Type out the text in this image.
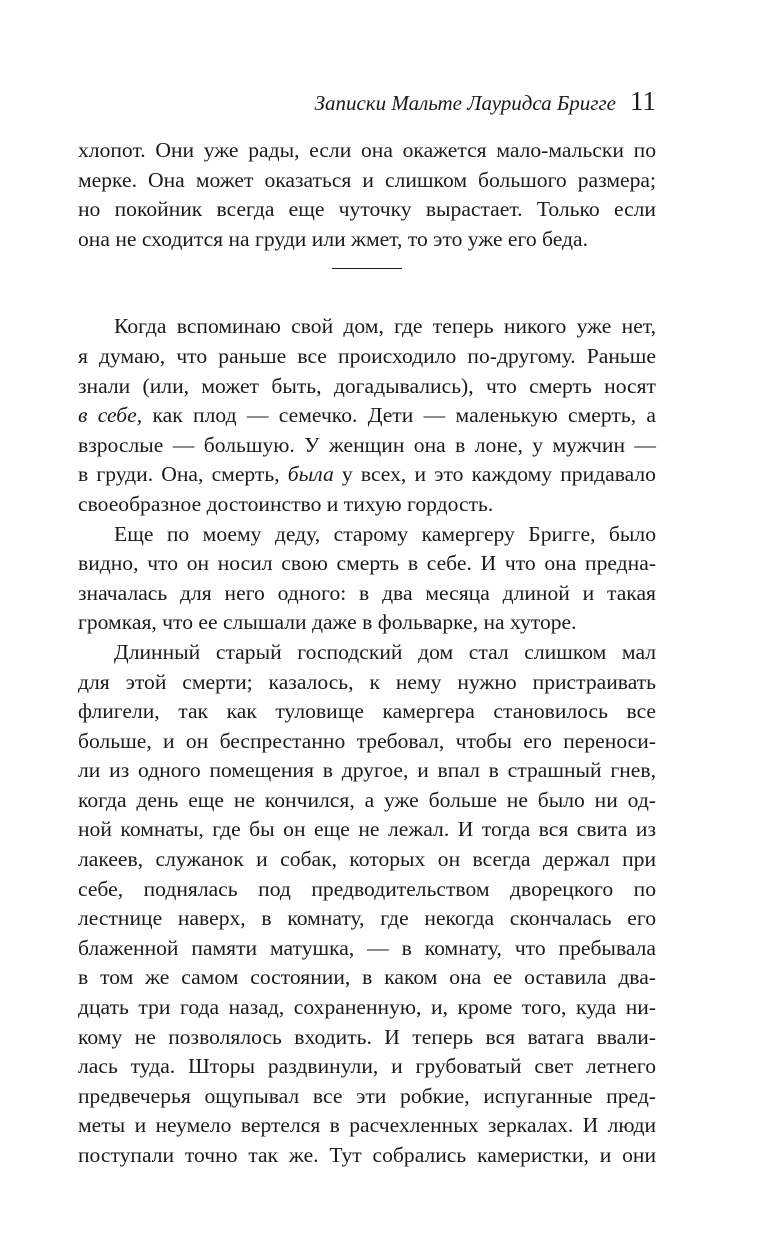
Записки Мальте Лауридса Бригге 11
хлопот. Они уже рады, если она окажется мало-мальски по
мерке. Она может оказаться и слишком большого размера;
но покойник всегда еще чуточку вырастает. Только если
она не сходится на груди или жмет, то это уже его беда.
Когда вспоминаю свой дом, где теперь никого уже нет,
я думаю, что раньше все происходило по-другому. Раньше
знали (или, может быть, догадывались), что смерть носят
в себе, как плод — семечко. Дети — маленькую смерть, а
взрослые — большую. У женщин она в лоне, у мужчин —
в груди. Она, смерть, была у всех, и это каждому придавало
своеобразное достоинство и тихую гордость.
Еще по моему деду, старому камергеру Бригге, было
видно, что он носил свою смерть в себе. И что она предна-
значалась для него одного: в два месяца длиной и такая
громкая, что ее слышали даже в фольварке, на хуторе.
Длинный старый господский дом стал слишком мал
для этой смерти; казалось, к нему нужно пристраивать
флигели, так как туловище камергера становилось все
больше, и он беспрестанно требовал, чтобы его переноси-
ли из одного помещения в другое, и впал в страшный гнев,
когда день еще не кончился, а уже больше не было ни од-
ной комнаты, где бы он еще не лежал. И тогда вся свита из
лакеев, служанок и собак, которых он всегда держал при
себе, поднялась под предводительством дворецкого по
лестнице наверх, в комнату, где некогда скончалась его
блаженной памяти матушка, — в комнату, что пребывала
в том же самом состоянии, в каком она ее оставила два-
дцать три года назад, сохраненную, и, кроме того, куда ни-
кому не позволялось входить. И теперь вся ватага ввали-
лась туда. Шторы раздвинули, и грубоватый свет летнего
предвечерья ощупывал все эти робкие, испуганные пред-
меты и неумело вертелся в расчехленных зеркалах. И люди
поступали точно так же. Тут собрались камеристки, и они
